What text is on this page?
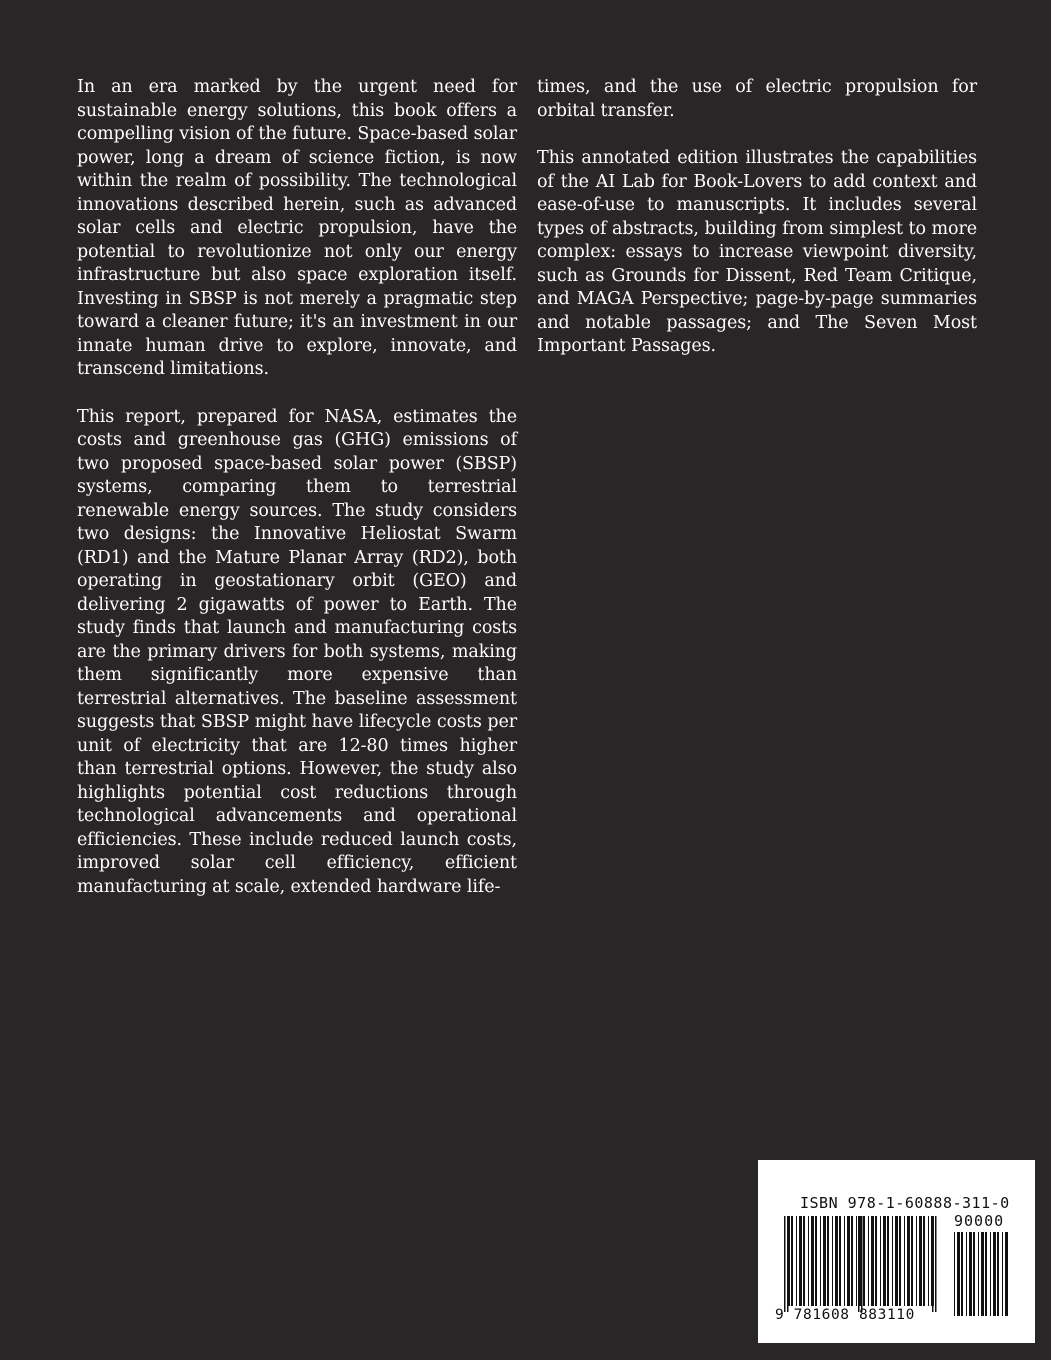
In an era marked by the urgent need for sustainable energy solutions, this book offers a compelling vision of the future. Space-based solar power, long a dream of science fiction, is now within the realm of possibility. The technological innovations described herein, such as advanced solar cells and electric propulsion, have the potential to revolutionize not only our energy infrastructure but also space exploration itself. Investing in SBSP is not merely a pragmatic step toward a cleaner future; it's an investment in our innate human drive to explore, innovate, and transcend limitations.

This report, prepared for NASA, estimates the costs and greenhouse gas (GHG) emissions of two proposed space-based solar power (SBSP) systems, comparing them to terrestrial renewable energy sources. The study considers two designs: the Innovative Heliostat Swarm (RD1) and the Mature Planar Array (RD2), both operating in geostationary orbit (GEO) and delivering 2 gigawatts of power to Earth. The study finds that launch and manufacturing costs are the primary drivers for both systems, making them significantly more expensive than terrestrial alternatives. The baseline assessment suggests that SBSP might have lifecycle costs per unit of electricity that are 12-80 times higher than terrestrial options. However, the study also highlights potential cost reductions through technological advancements and operational efficiencies. These include reduced launch costs, improved solar cell efficiency, efficient manufacturing at scale, extended hardware life-

times, and the use of electric propulsion for orbital transfer.

This annotated edition illustrates the capabilities of the AI Lab for Book-Lovers to add context and ease-of-use to manuscripts. It includes several types of abstracts, building from simplest to more complex: essays to increase viewpoint diversity, such as Grounds for Dissent, Red Team Critique, and MAGA Perspective; page-by-page summaries and notable passages; and The Seven Most Important Passages.

ISBN 978-1-60888-311-0
90000
9 781608 883110
